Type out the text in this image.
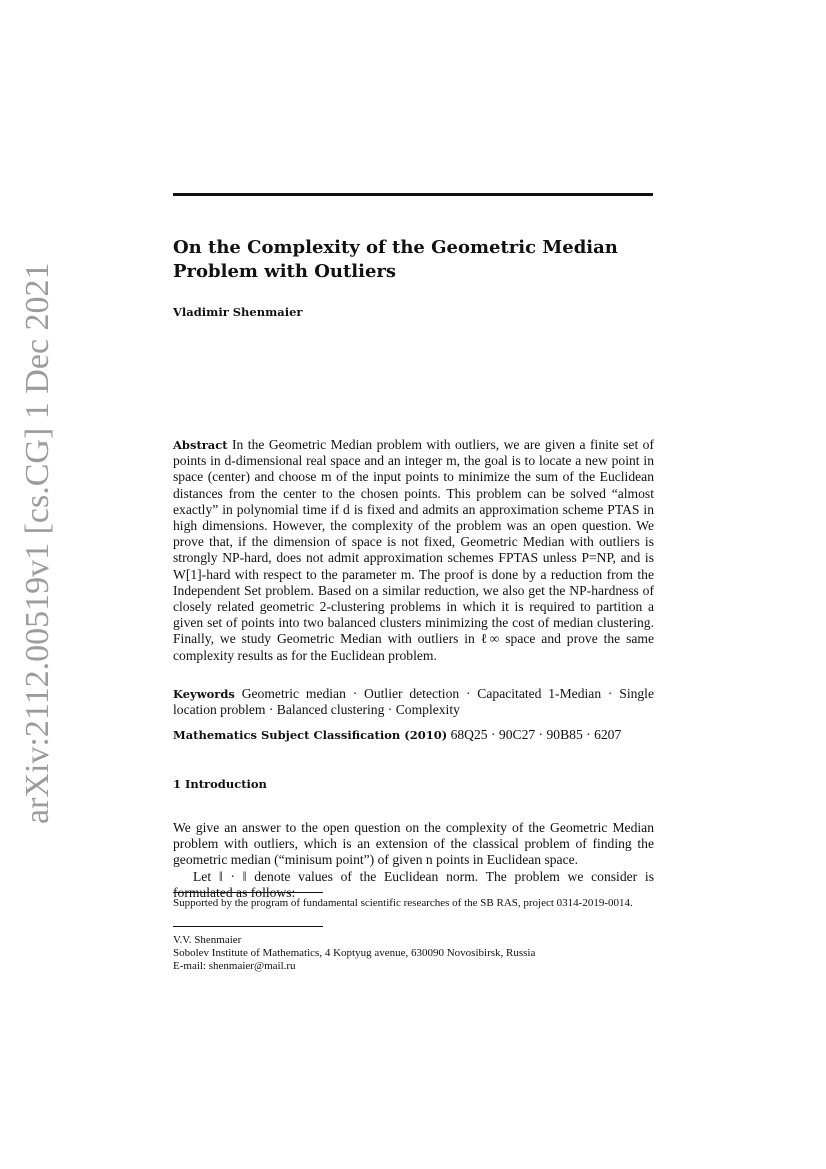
arXiv:2112.00519v1 [cs.CG] 1 Dec 2021
On the Complexity of the Geometric Median Problem with Outliers
Vladimir Shenmaier
Abstract In the Geometric Median problem with outliers, we are given a finite set of points in d-dimensional real space and an integer m, the goal is to locate a new point in space (center) and choose m of the input points to minimize the sum of the Euclidean distances from the center to the chosen points. This problem can be solved “almost exactly” in polynomial time if d is fixed and admits an approximation scheme PTAS in high dimensions. However, the complexity of the problem was an open question. We prove that, if the dimension of space is not fixed, Geometric Median with outliers is strongly NP-hard, does not admit approximation schemes FPTAS unless P=NP, and is W[1]-hard with respect to the parameter m. The proof is done by a reduction from the Independent Set problem. Based on a similar reduction, we also get the NP-hardness of closely related geometric 2-clustering problems in which it is required to partition a given set of points into two balanced clusters minimizing the cost of median clustering. Finally, we study Geometric Median with outliers in ℓ∞ space and prove the same complexity results as for the Euclidean problem.
Keywords Geometric median · Outlier detection · Capacitated 1-Median · Single location problem · Balanced clustering · Complexity
Mathematics Subject Classification (2010) 68Q25 · 90C27 · 90B85 · 6207
1 Introduction

We give an answer to the open question on the complexity of the Geometric Median problem with outliers, which is an extension of the classical problem of finding the geometric median (“minisum point”) of given n points in Euclidean space.

Let ‖ · ‖ denote values of the Euclidean norm. The problem we consider is formulated as follows:

Supported by the program of fundamental scientific researches of the SB RAS, project 0314-2019-0014.
V.V. Shenmaier
Sobolev Institute of Mathematics, 4 Koptyug avenue, 630090 Novosibirsk, Russia
E-mail: shenmaier@mail.ru
